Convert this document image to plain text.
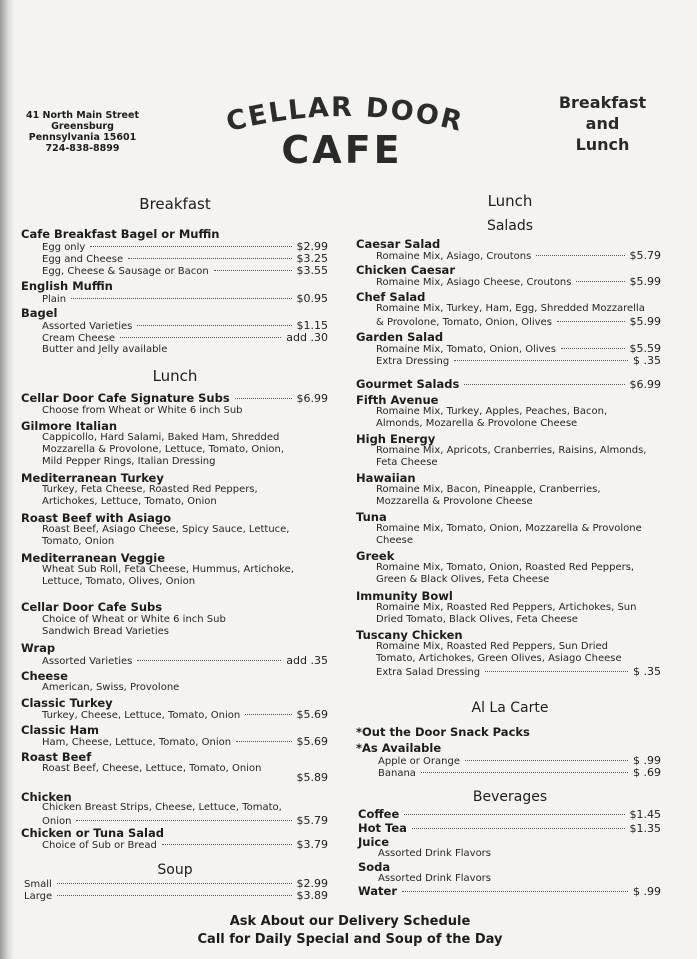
41 North Main Street
Greensburg
Pennsylvania 15601
724-838-8899
CELLAR DOOR
CAFE
Breakfast
and
Lunch
Breakfast
Cafe Breakfast Bagel or Muffin
Egg only	$2.99
Egg and Cheese	$3.25
Egg, Cheese & Sausage or Bacon	$3.55
English Muffin
Plain	$0.95
Bagel
Assorted Varieties	$1.15
Cream Cheese	add .30
Butter and Jelly available
Lunch
Cellar Door Cafe Signature Subs	$6.99
Choose from Wheat or White 6 inch Sub
Gilmore Italian
Cappicollo, Hard Salami, Baked Ham, Shredded
Mozzarella & Provolone, Lettuce, Tomato, Onion,
Mild Pepper Rings, Italian Dressing
Mediterranean Turkey
Turkey, Feta Cheese, Roasted Red Peppers,
Artichokes, Lettuce, Tomato, Onion
Roast Beef with Asiago
Roast Beef, Asiago Cheese, Spicy Sauce, Lettuce,
Tomato, Onion
Mediterranean Veggie
Wheat Sub Roll, Feta Cheese, Hummus, Artichoke,
Lettuce, Tomato, Olives, Onion
Cellar Door Cafe Subs
Choice of Wheat or White 6 inch Sub
Sandwich Bread Varieties
Wrap
Assorted Varieties	add .35
Cheese
American, Swiss, Provolone
Classic Turkey
Turkey, Cheese, Lettuce, Tomato, Onion	$5.69
Classic Ham
Ham, Cheese, Lettuce, Tomato, Onion	$5.69
Roast Beef
Roast Beef, Cheese, Lettuce, Tomato, Onion
$5.89
Chicken
Chicken Breast Strips, Cheese, Lettuce, Tomato,
Onion	$5.79
Chicken or Tuna Salad
Choice of Sub or Bread	$3.79
Soup
Small	$2.99
Large	$3.89
Lunch
Salads
Caesar Salad
Romaine Mix, Asiago, Croutons	$5.79
Chicken Caesar
Romaine Mix, Asiago Cheese, Croutons	$5.99
Chef Salad
Romaine Mix, Turkey, Ham, Egg, Shredded Mozzarella
& Provolone, Tomato, Onion, Olives	$5.99
Garden Salad
Romaine Mix, Tomato, Onion, Olives	$5.59
Extra Dressing	$ .35
Gourmet Salads	$6.99
Fifth Avenue
Romaine Mix, Turkey, Apples, Peaches, Bacon,
Almonds, Mozarella & Provolone Cheese
High Energy
Romaine Mix, Apricots, Cranberries, Raisins, Almonds,
Feta Cheese
Hawaiian
Romaine Mix, Bacon, Pineapple, Cranberries,
Mozzarella & Provolone Cheese
Tuna
Romaine Mix, Tomato, Onion, Mozzarella & Provolone
Cheese
Greek
Romaine Mix, Tomato, Onion, Roasted Red Peppers,
Green & Black Olives, Feta Cheese
Immunity Bowl
Romaine Mix, Roasted Red Peppers, Artichokes, Sun
Dried Tomato, Black Olives, Feta Cheese
Tuscany Chicken
Romaine Mix, Roasted Red Peppers, Sun Dried
Tomato, Artichokes, Green Olives, Asiago Cheese
Extra Salad Dressing	$ .35
Al La Carte
*Out the Door Snack Packs
*As Available
Apple or Orange	$ .99
Banana	$ .69
Beverages
Coffee	$1.45
Hot Tea	$1.35
Juice
Assorted Drink Flavors
Soda
Assorted Drink Flavors
Water	$ .99
Ask About our Delivery Schedule
Call for Daily Special and Soup of the Day
